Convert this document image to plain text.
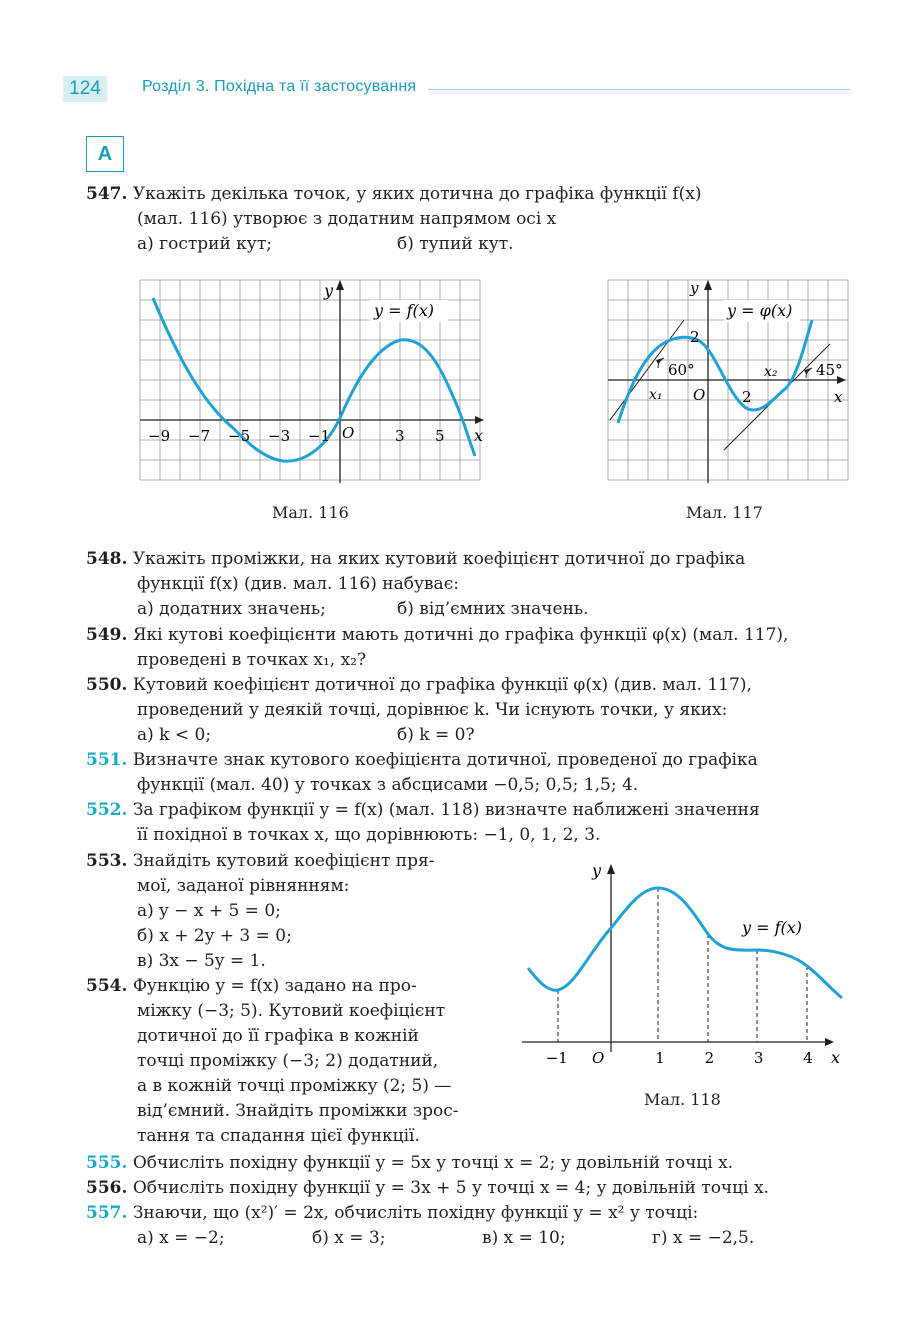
124	Розділ 3. Похідна та її застосування
А
547. Укажіть декілька точок, у яких дотична до графіка функції f(x)
(мал. 116) утворює з додатним напрямом осі x
а) гострий кут;	б) тупий кут.
y = f(x)
y
x
O
−9 −7 −5 −3 −1	3 5
Мал. 116
y = φ(x)
y
x
O
2
2
60°	45°
x₁
x₂
Мал. 117
548. Укажіть проміжки, на яких кутовий коефіцієнт дотичної до графіка
функції f(x) (див. мал. 116) набуває:
а) додатних значень;	б) від’ємних значень.
549. Які кутові коефіцієнти мають дотичні до графіка функції φ(x) (мал. 117),
проведені в точках x₁, x₂?
550. Кутовий коефіцієнт дотичної до графіка функції φ(x) (див. мал. 117),
проведений у деякій точці, дорівнює k. Чи існують точки, у яких:
а) k < 0;	б) k = 0?
551. Визначте знак кутового коефіцієнта дотичної, проведеної до графіка
функції (мал. 40) у точках з абсцисами −0,5; 0,5; 1,5; 4.
552. За графіком функції y = f(x) (мал. 118) визначте наближені значення
її похідної в точках x, що дорівнюють: −1, 0, 1, 2, 3.
553. Знайдіть кутовий коефіцієнт пря-
мої, заданої рівнянням:
а) y − x + 5 = 0;
б) x + 2y + 3 = 0;
в) 3x − 5y = 1.
554. Функцію y = f(x) задано на про-
міжку (−3; 5). Кутовий коефіцієнт
дотичної до її графіка в кожній
точці проміжку (−3; 2) додатний,
а в кожній точці проміжку (2; 5) —
від’ємний. Знайдіть проміжки зрос-
тання та спадання цієї функції.
y
x
O
y = f(x)
−1	1	2	3	4
Мал. 118
555. Обчисліть похідну функції y = 5x у точці x = 2; у довільній точці x.
556. Обчисліть похідну функції y = 3x + 5 у точці x = 4; у довільній точці x.
557. Знаючи, що (x²)′ = 2x, обчисліть похідну функції y = x² у точці:
а) x = −2;	б) x = 3;	в) x = 10;	г) x = −2,5.
